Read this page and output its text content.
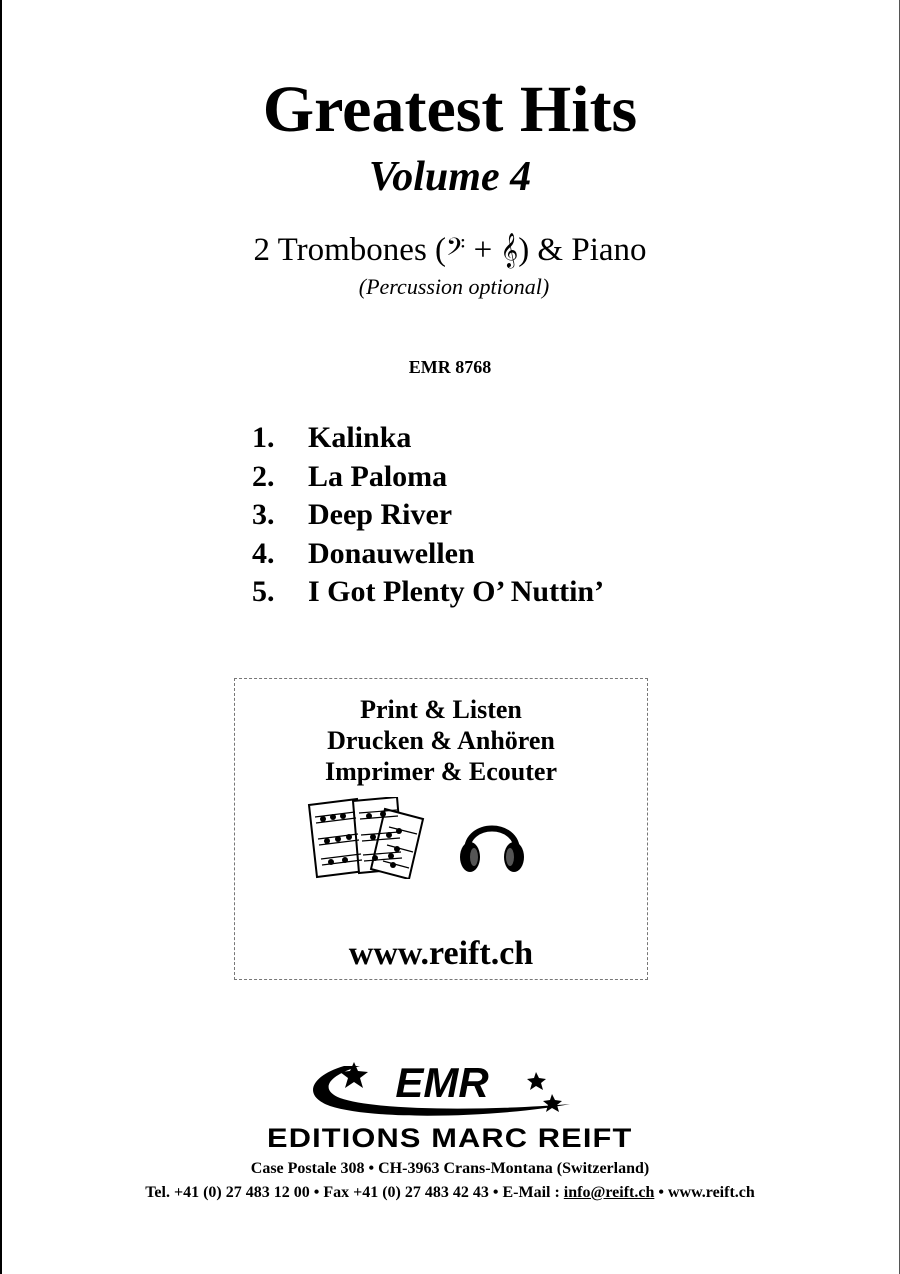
Greatest Hits
Volume 4
2 Trombones (𝄢 + 𝄞) & Piano
(Percussion optional)
EMR 8768
1. Kalinka
2. La Paloma
3. Deep River
4. Donauwellen
5. I Got Plenty O’ Nuttin’
Print & Listen
Drucken & Anhören
Imprimer & Ecouter
www.reift.ch
EMR
EDITIONS MARC REIFT
Case Postale 308 • CH-3963 Crans-Montana (Switzerland)
Tel. +41 (0) 27 483 12 00 • Fax +41 (0) 27 483 42 43 • E-Mail : info@reift.ch • www.reift.ch
